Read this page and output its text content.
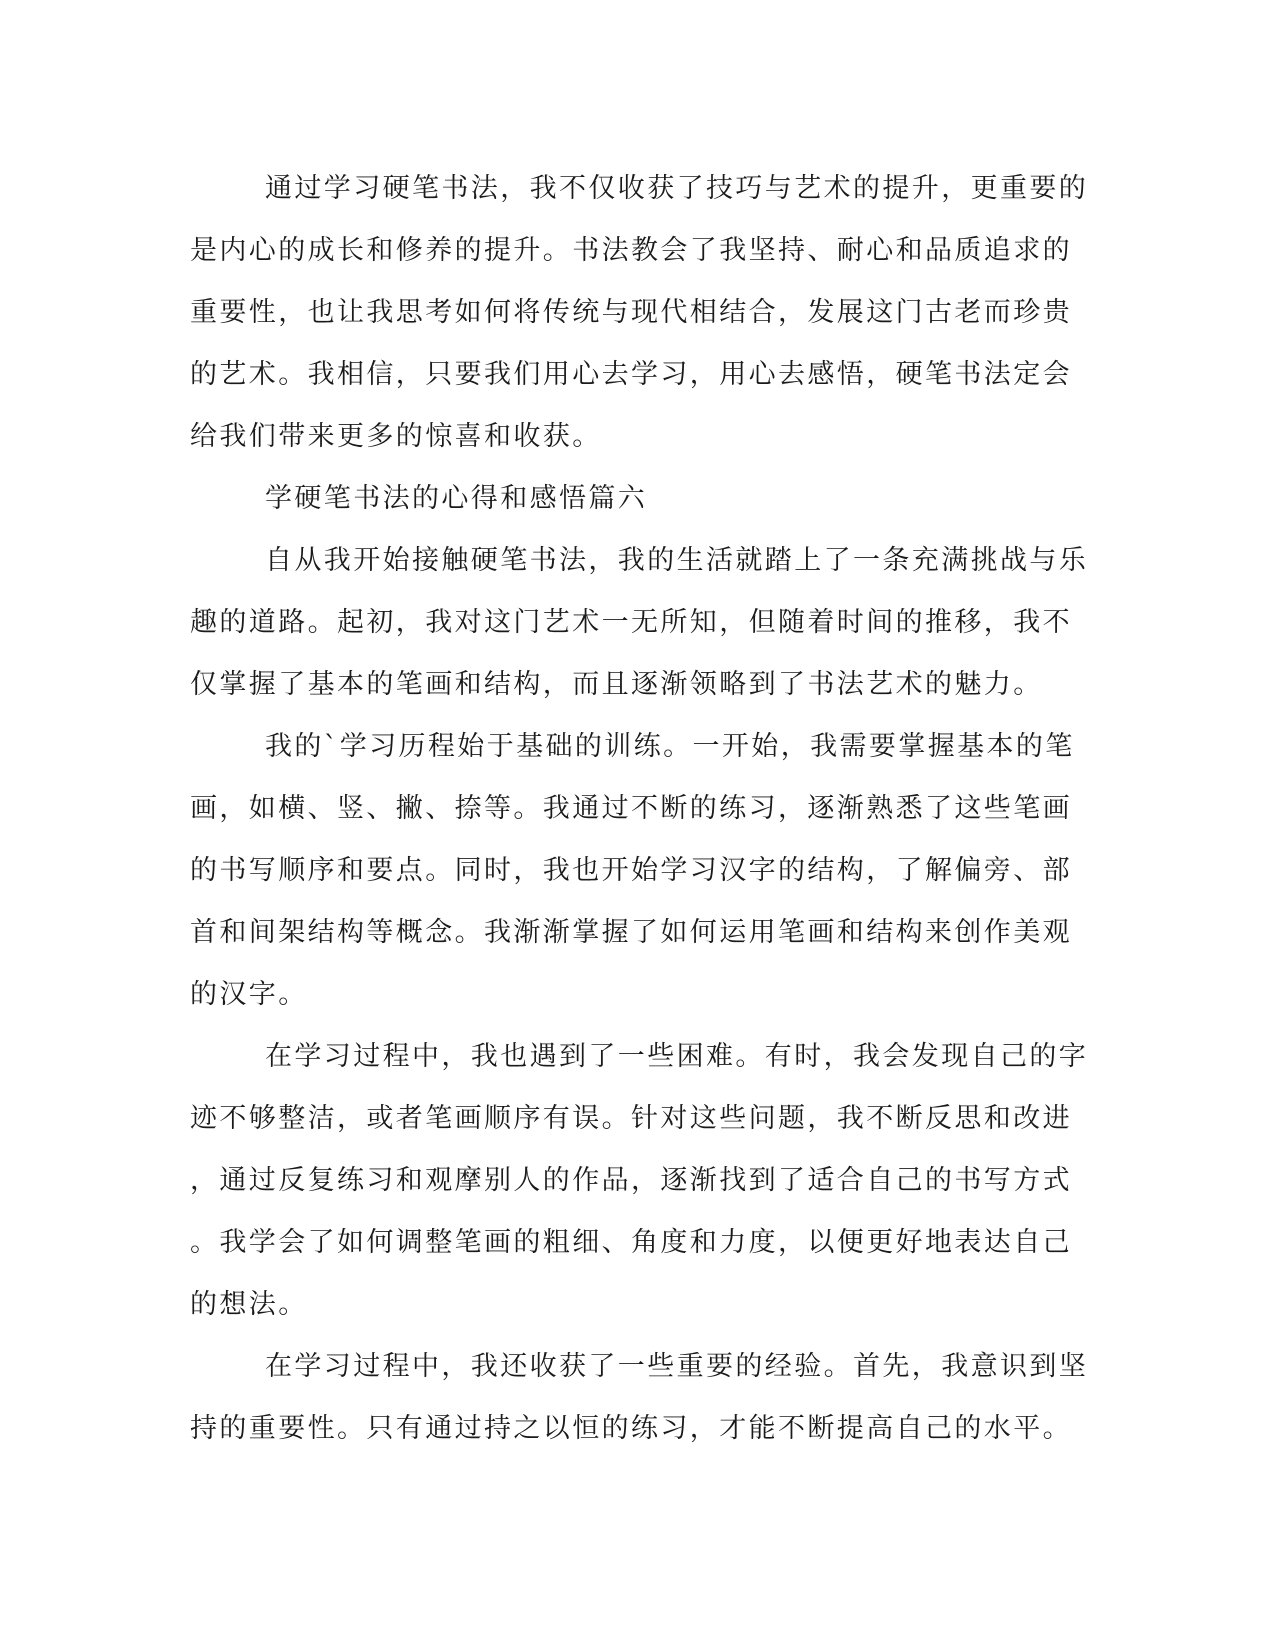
通过学习硬笔书法，我不仅收获了技巧与艺术的提升，更重要的

是内心的成长和修养的提升。书法教会了我坚持、耐心和品质追求的

重要性，也让我思考如何将传统与现代相结合，发展这门古老而珍贵

的艺术。我相信，只要我们用心去学习，用心去感悟，硬笔书法定会

给我们带来更多的惊喜和收获。

学硬笔书法的心得和感悟篇六

自从我开始接触硬笔书法，我的生活就踏上了一条充满挑战与乐

趣的道路。起初，我对这门艺术一无所知，但随着时间的推移，我不

仅掌握了基本的笔画和结构，而且逐渐领略到了书法艺术的魅力。

我的`学习历程始于基础的训练。一开始，我需要掌握基本的笔

画，如横、竖、撇、捺等。我通过不断的练习，逐渐熟悉了这些笔画

的书写顺序和要点。同时，我也开始学习汉字的结构，了解偏旁、部

首和间架结构等概念。我渐渐掌握了如何运用笔画和结构来创作美观

的汉字。

在学习过程中，我也遇到了一些困难。有时，我会发现自己的字

迹不够整洁，或者笔画顺序有误。针对这些问题，我不断反思和改进

，通过反复练习和观摩别人的作品，逐渐找到了适合自己的书写方式

。我学会了如何调整笔画的粗细、角度和力度，以便更好地表达自己

的想法。

在学习过程中，我还收获了一些重要的经验。首先，我意识到坚

持的重要性。只有通过持之以恒的练习，才能不断提高自己的水平。
